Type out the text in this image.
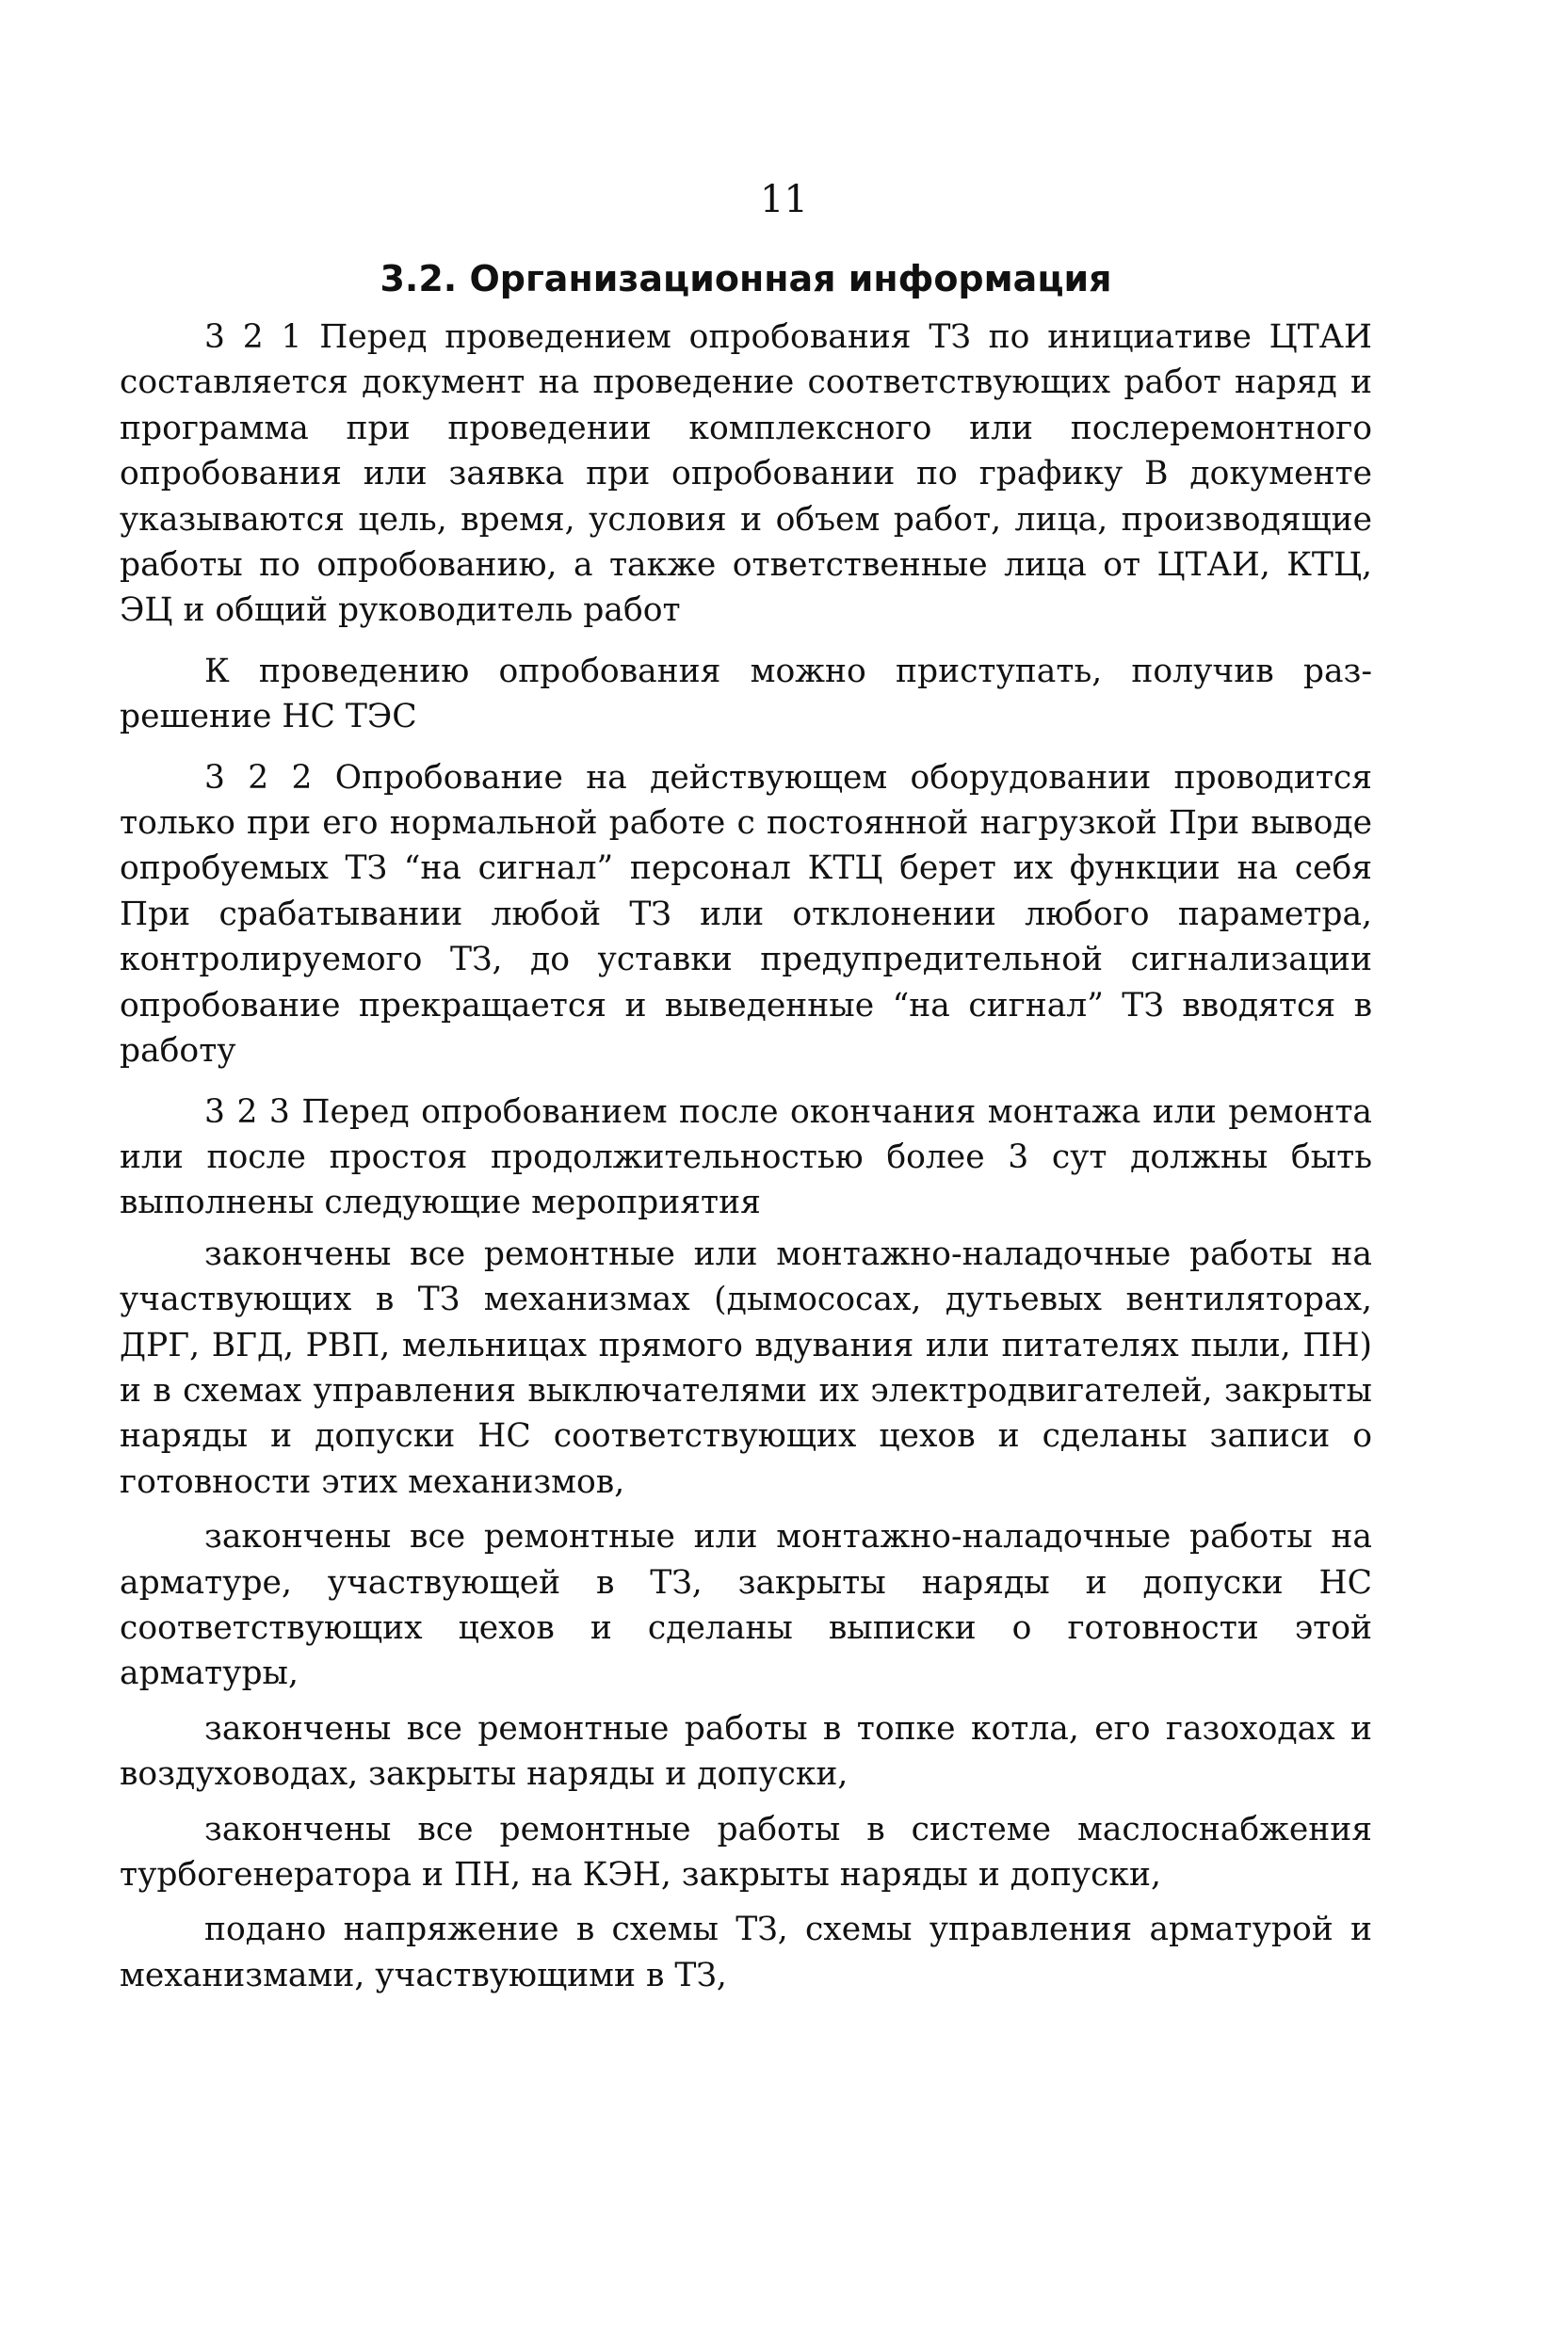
11
3.2. Организационная информация

3 2 1 Перед проведением опробования ТЗ по инициативе ЦТАИ составляется документ на проведение соответствующих работ наряд и программа при проведении комплексного или послеремонтного опробования или заявка при опробовании по графику В документе указываются цель, время, условия и объем работ, лица, производящие работы по опробованию, а также ответственные лица от ЦТАИ, КТЦ, ЭЦ и общий руководитель работ

К проведению опробования можно приступать, получив разрешение НС ТЭС

3 2 2 Опробование на действующем оборудовании проводится только при его нормальной работе с постоянной нагрузкой При выводе опробуемых ТЗ “на сигнал” персонал КТЦ берет их функции на себя При срабатывании любой ТЗ или отклонении любого параметра, контролируемого ТЗ, до уставки предупредительной сигнализации опробование прекращается и выведенные “на сигнал” ТЗ вводятся в работу

3 2 3 Перед опробованием после окончания монтажа или ремонта или после простоя продолжительностью более 3 сут должны быть выполнены следующие мероприятия

закончены все ремонтные или монтажно-наладочные работы на участвующих в ТЗ механизмах (дымососах, дутьевых вентиляторах, ДРГ, ВГД, РВП, мельницах прямого вдувания или питателях пыли, ПН) и в схемах управления выключателями их электродвигателей, закрыты наряды и допуски НС соответствующих цехов и сделаны записи о готовности этих механизмов,

закончены все ремонтные или монтажно-наладочные работы на арматуре, участвующей в ТЗ, закрыты наряды и допуски НС соответствующих цехов и сделаны выписки о готовности этой арматуры,

закончены все ремонтные работы в топке котла, его газоходах и воздуховодах, закрыты наряды и допуски,

закончены все ремонтные работы в системе маслоснабжения турбогенератора и ПН, на КЭН, закрыты наряды и допуски,

подано напряжение в схемы ТЗ, схемы управления арматурой и механизмами, участвующими в ТЗ,
